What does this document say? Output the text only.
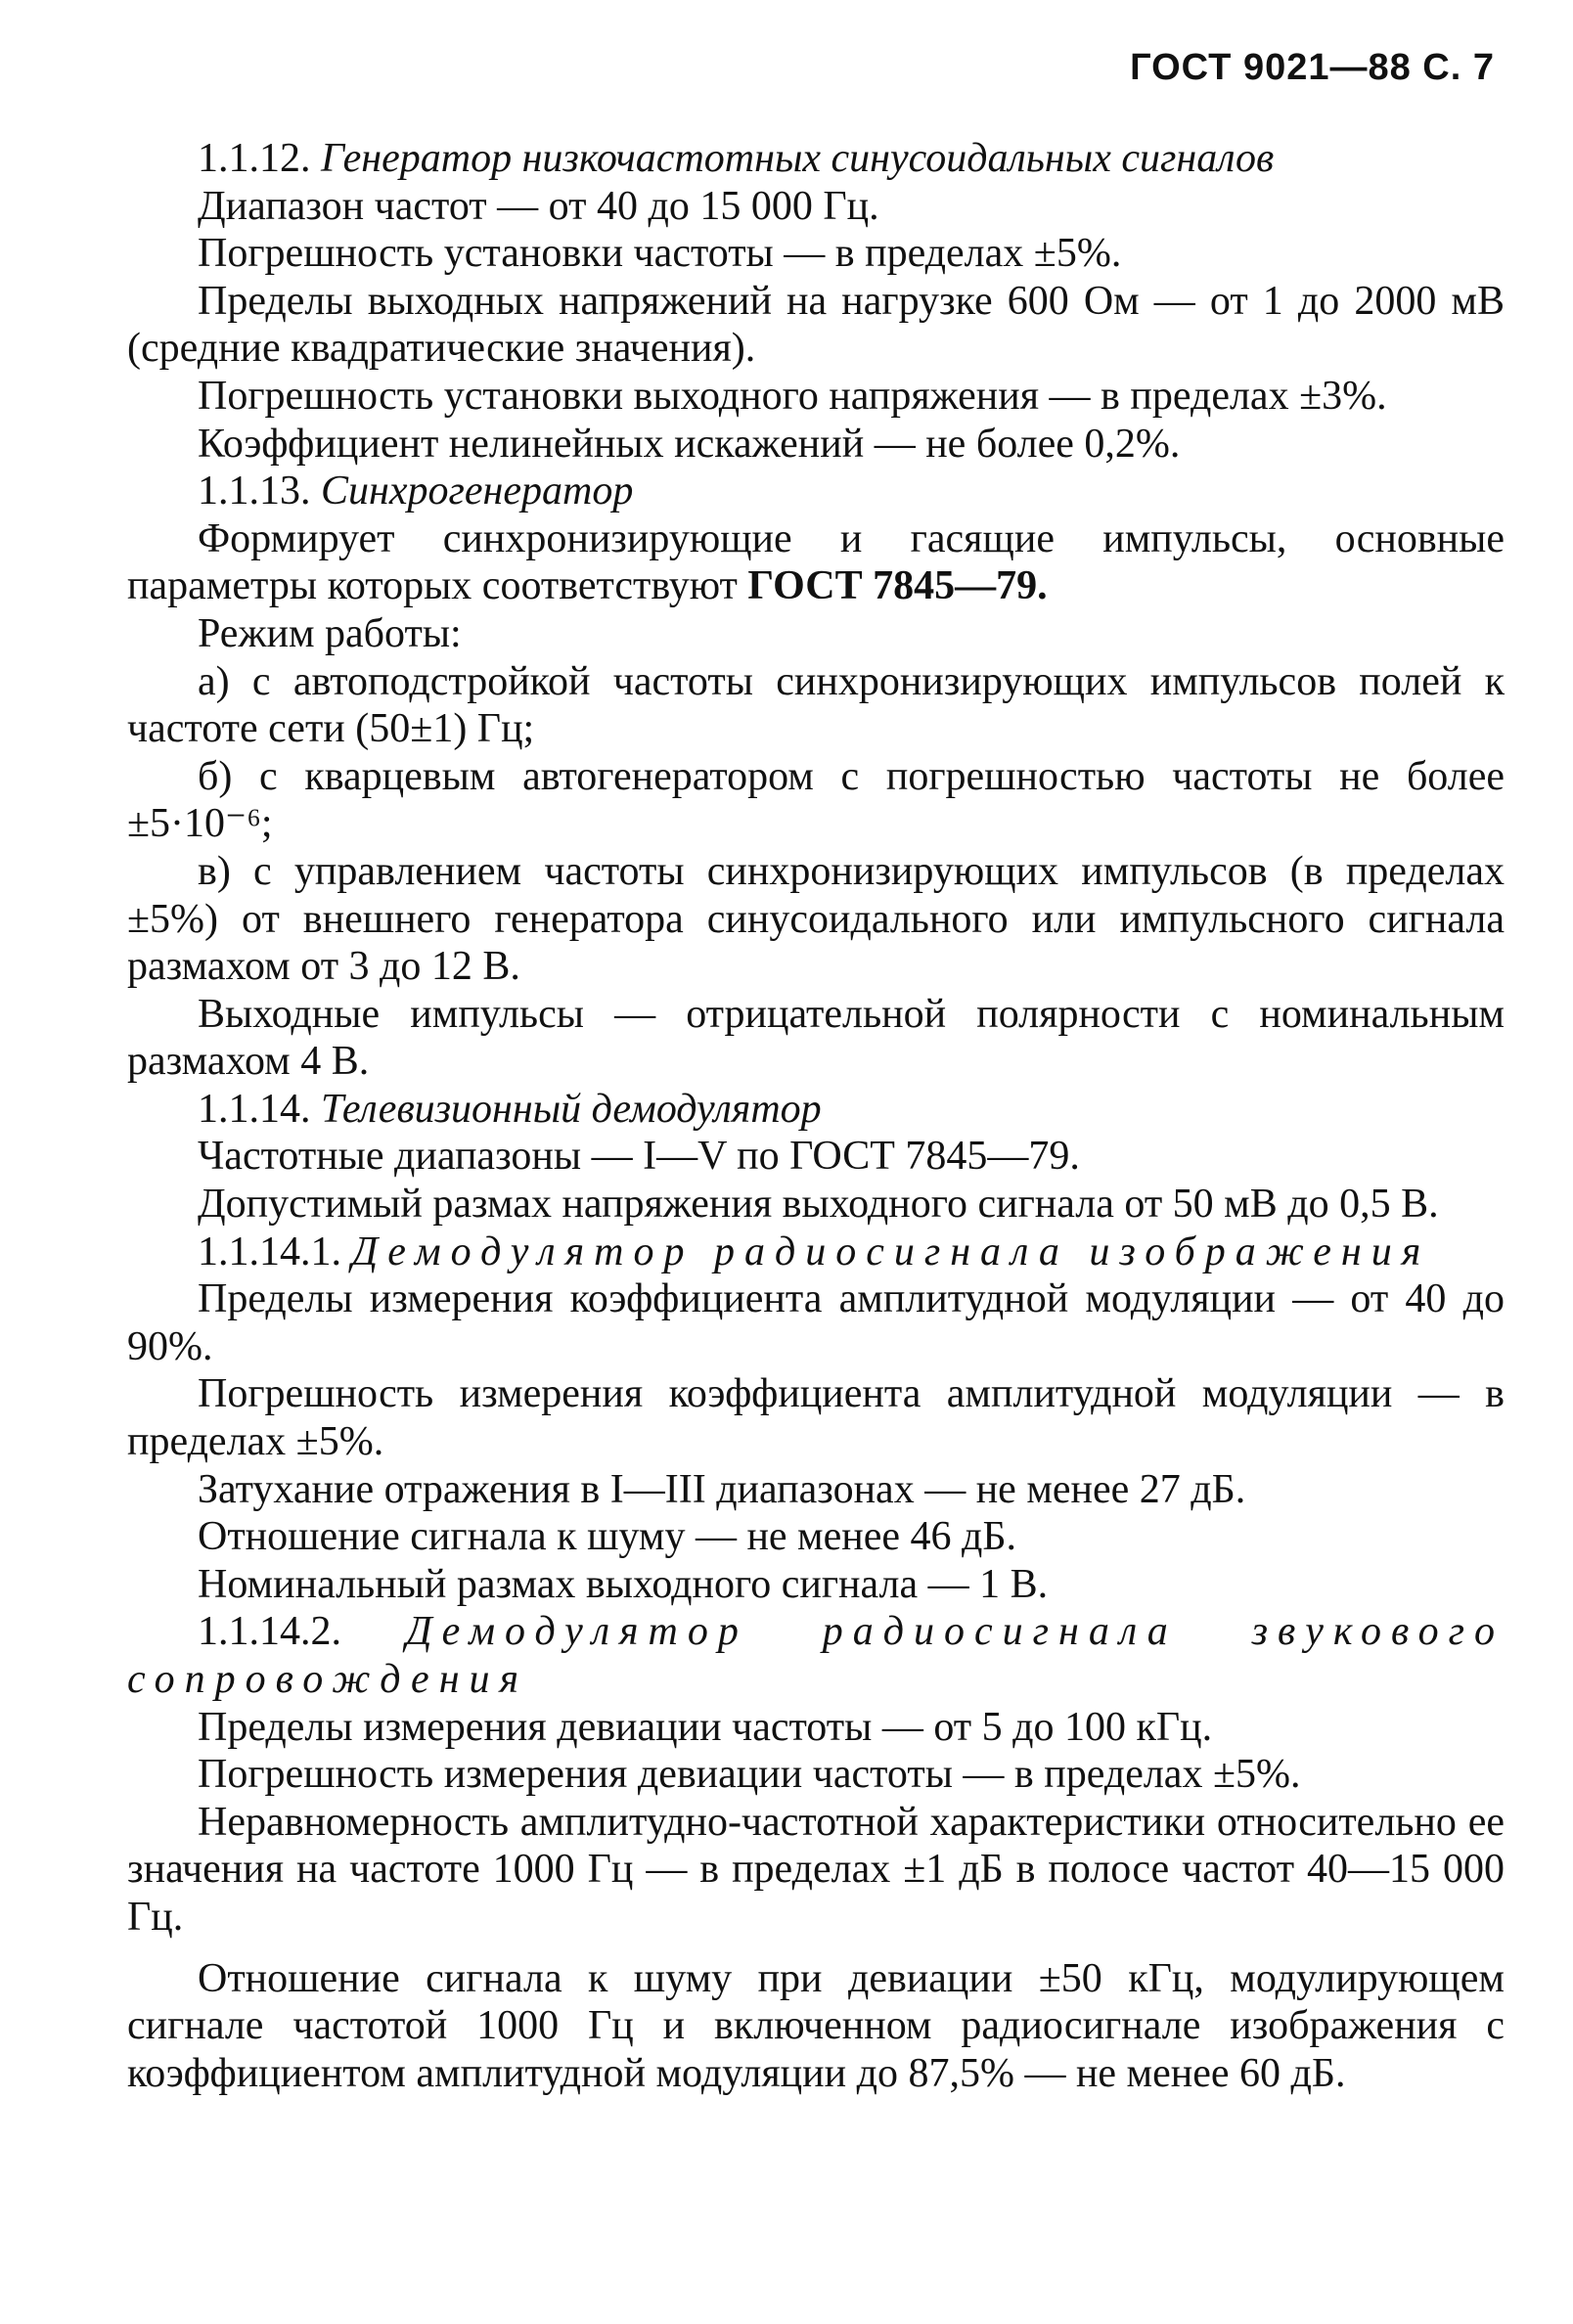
ГОСТ 9021—88 С. 7

1.1.12. Генератор низкочастотных синусоидальных сигналов

Диапазон частот — от 40 до 15 000 Гц.

Погрешность установки частоты — в пределах ±5%.

Пределы выходных напряжений на нагрузке 600 Ом — от 1 до 2000 мВ (средние квадратические значения).

Погрешность установки выходного напряжения — в пределах ±3%.

Коэффициент нелинейных искажений — не более 0,2%.

1.1.13. Синхрогенератор

Формирует синхронизирующие и гасящие импульсы, основные параметры которых соответствуют ГОСТ 7845—79.

Режим работы:

а) с автоподстройкой частоты синхронизирующих импульсов полей к частоте сети (50±1) Гц;

б) с кварцевым автогенератором с погрешностью частоты не более ±5·10⁻⁶;

в) с управлением частоты синхронизирующих импульсов (в пределах ±5%) от внешнего генератора синусоидального или импульсного сигнала размахом от 3 до 12 В.

Выходные импульсы — отрицательной полярности с номинальным размахом 4 В.

1.1.14. Телевизионный демодулятор

Частотные диапазоны — I—V по ГОСТ 7845—79.

Допустимый размах напряжения выходного сигнала от 50 мВ до 0,5 В.

1.1.14.1. Демодулятор радиосигнала изображения

Пределы измерения коэффициента амплитудной модуляции — от 40 до 90%.

Погрешность измерения коэффициента амплитудной модуляции — в пределах ±5%.

Затухание отражения в I—III диапазонах — не менее 27 дБ.

Отношение сигнала к шуму — не менее 46 дБ.

Номинальный размах выходного сигнала — 1 В.

1.1.14.2. Демодулятор радиосигнала звукового сопровождения

Пределы измерения девиации частоты — от 5 до 100 кГц.

Погрешность измерения девиации частоты — в пределах ±5%.

Неравномерность амплитудно-частотной характеристики относительно ее значения на частоте 1000 Гц — в пределах ±1 дБ в полосе частот 40—15 000 Гц.

Отношение сигнала к шуму при девиации ±50 кГц, модулирующем сигнале частотой 1000 Гц и включенном радиосигнале изображения с коэффициентом амплитудной модуляции до 87,5% — не менее 60 дБ.
